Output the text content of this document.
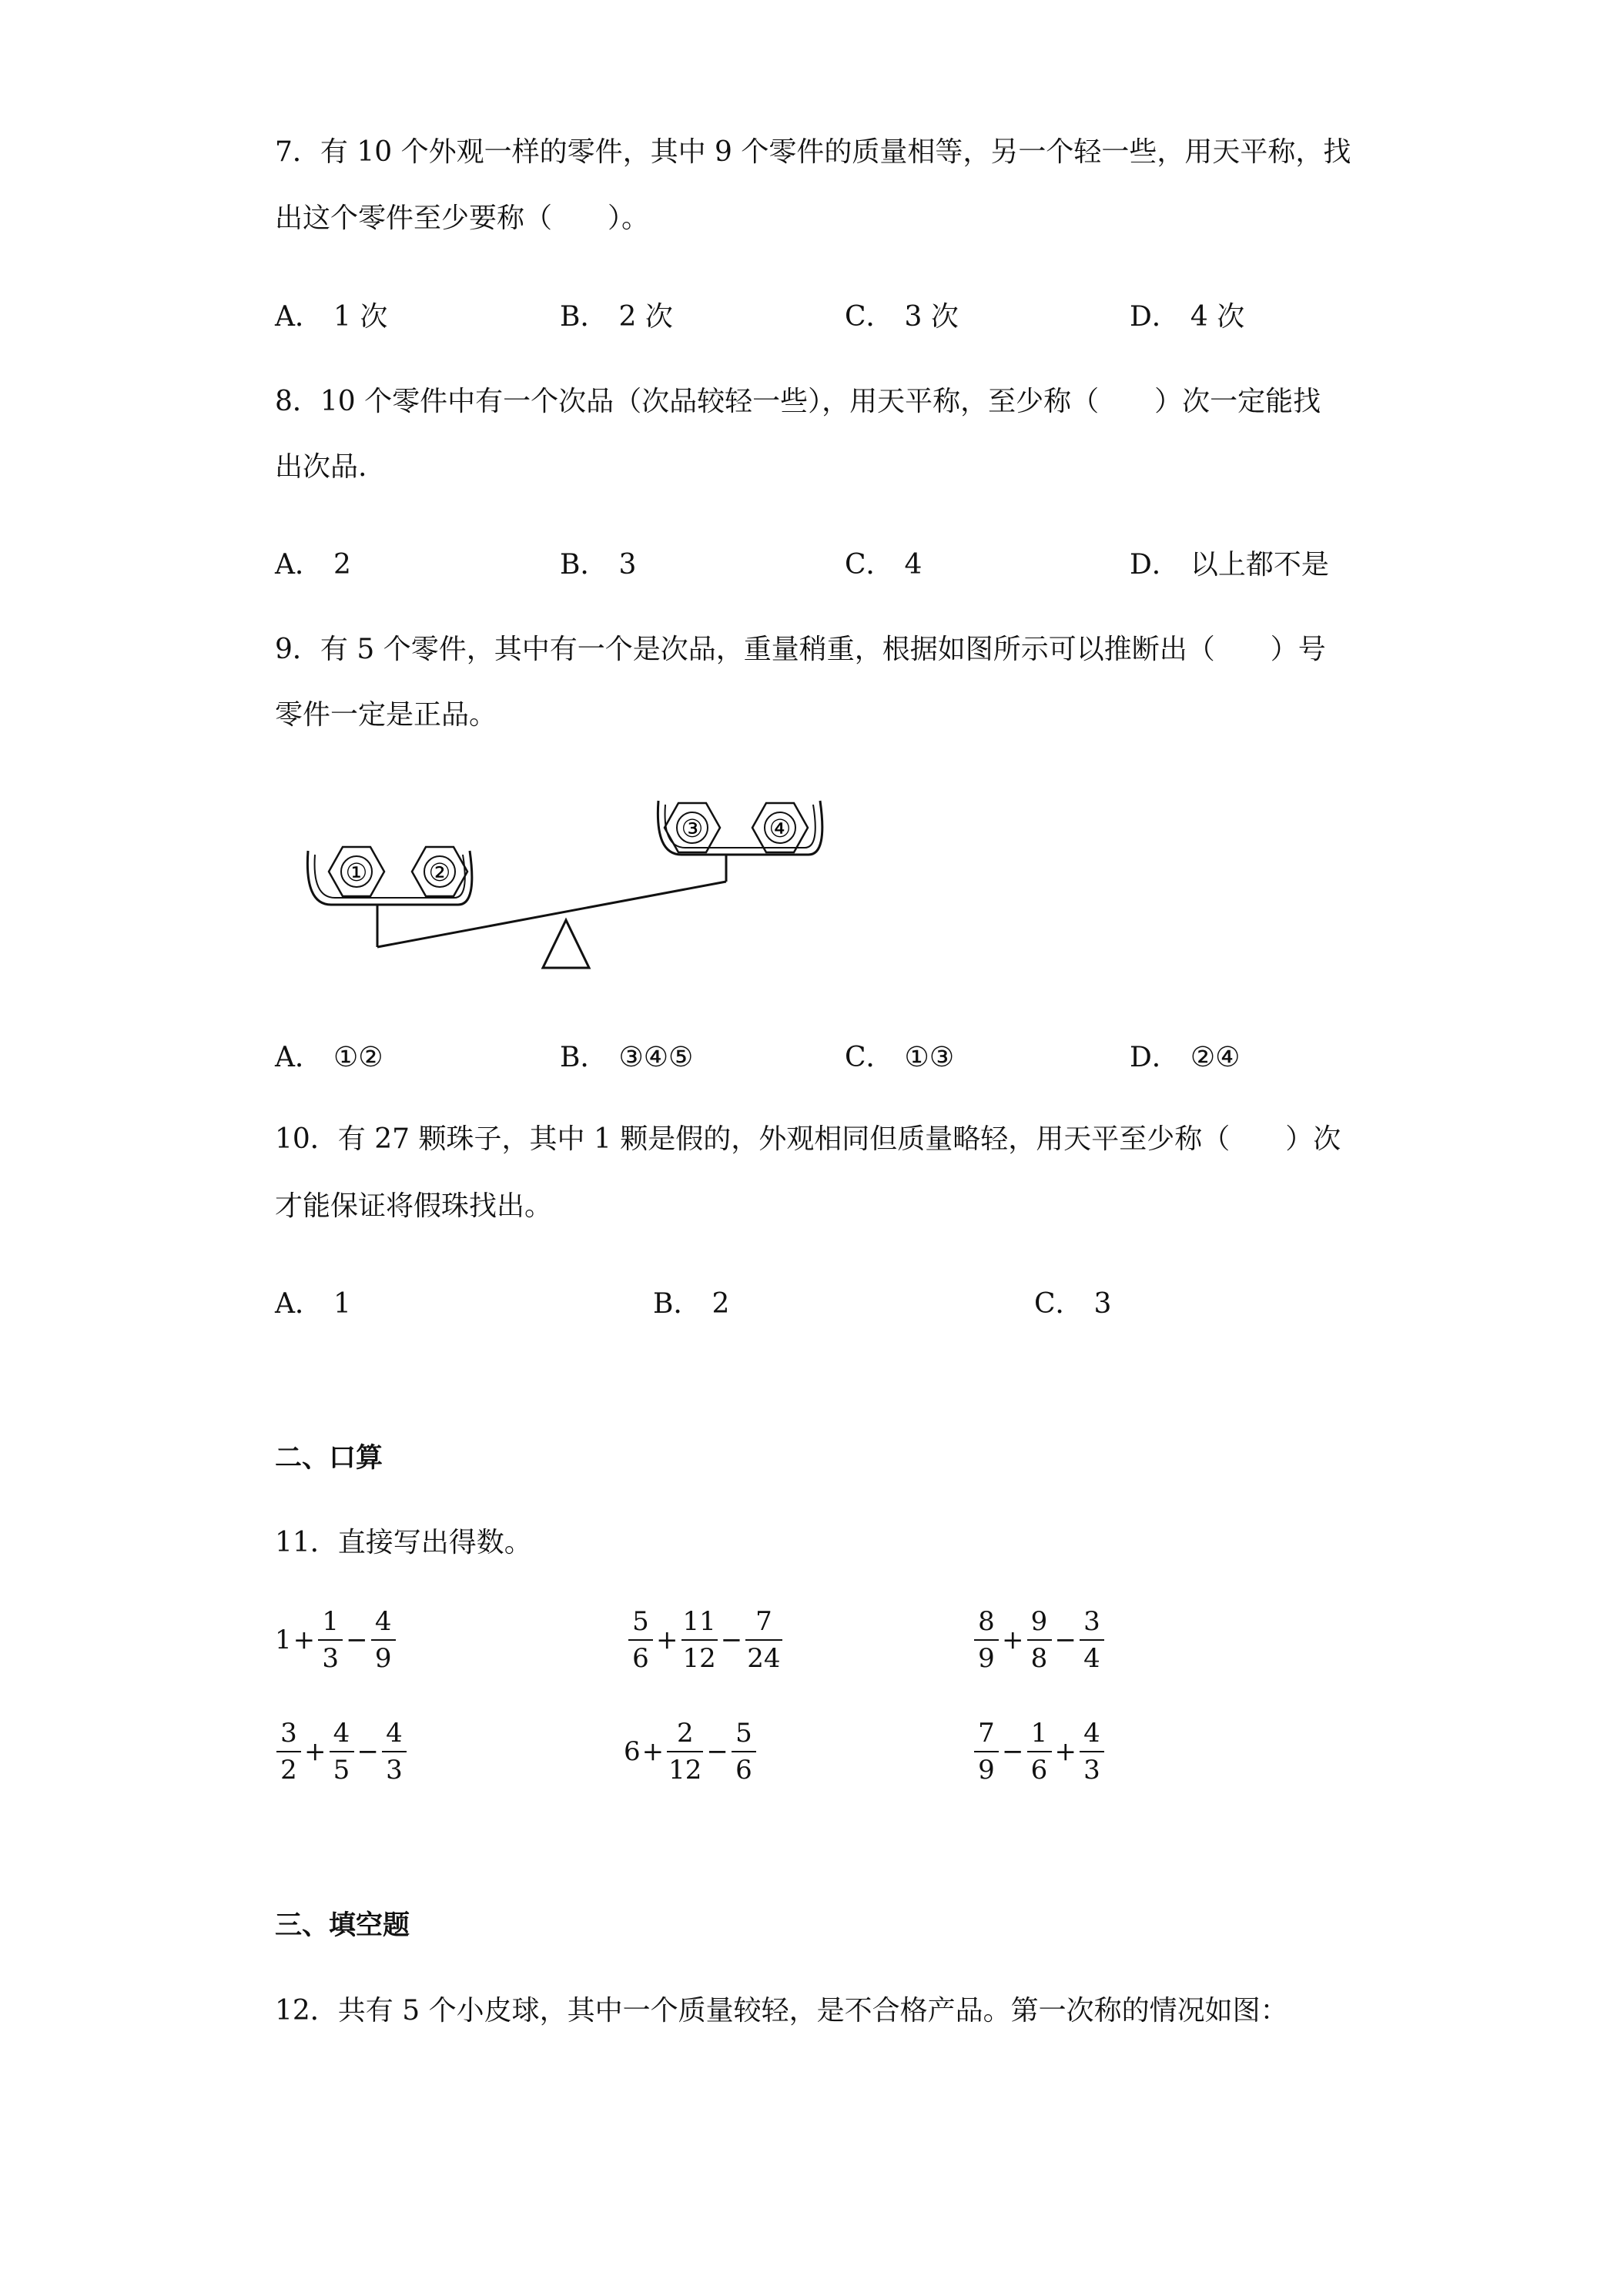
7．有 10 个外观一样的零件，其中 9 个零件的质量相等，另一个轻一些，用天平称，找
出这个零件至少要称（　　）。
A． 1 次	B． 2 次	C． 3 次	D． 4 次
8．10 个零件中有一个次品（次品较轻一些），用天平称，至少称（　　）次一定能找
出次品.
A． 2	B． 3	C． 4	D． 以上都不是
9．有 5 个零件，其中有一个是次品，重量稍重，根据如图所示可以推断出（　　）号
零件一定是正品。
① ②
③	④
A． ①②	B． ③④⑤	C． ①③	D． ②④
10．有 27 颗珠子，其中 1 颗是假的，外观相同但质量略轻，用天平至少称（　　）次
才能保证将假珠找出。
A． 1	B． 2	C． 3
二、口算
11．直接写出得数。
$1 + \frac{1}{3} - \frac{4}{9}$	$\frac{5}{6} + \frac{11}{12} - \frac{7}{24}$	$\frac{8}{9} + \frac{9}{8} - \frac{3}{4}$
$\frac{3}{2} + \frac{4}{5} - \frac{4}{3}$	$6 + \frac{2}{12} - \frac{5}{6}$	$\frac{7}{9} - \frac{1}{6} + \frac{4}{3}$
三、填空题
12．共有 5 个小皮球，其中一个质量较轻，是不合格产品。第一次称的情况如图：
